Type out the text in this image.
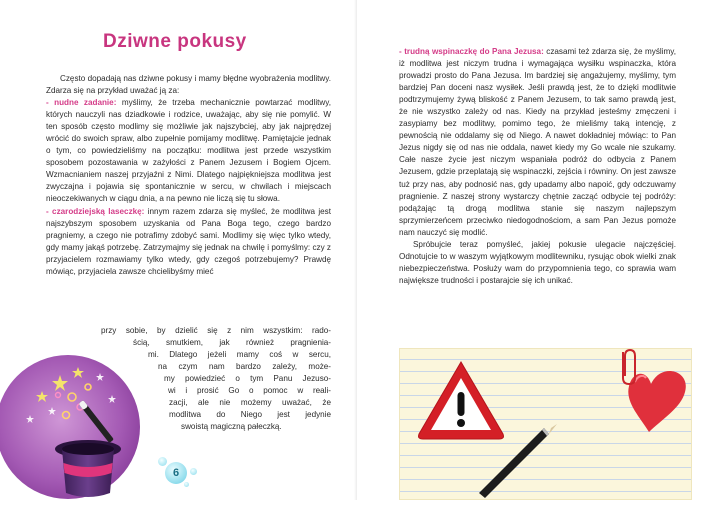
Dziwne pokusy

Często dopadają nas dziwne pokusy i mamy błędne wyobrażenia modlitwy. Zdarza się na przykład uważać ją za:

- nudne zadanie: myślimy, że trzeba mechanicznie powtarzać modlitwy, których nauczyli nas dziadkowie i rodzice, uważając, aby się nie pomylić. W ten sposób często modlimy się możliwie jak najszybciej, aby jak najprędzej wrócić do swoich spraw, albo zupełnie pomijamy modlitwę. Pamiętajcie jednak o tym, co powiedzieliśmy na początku: modlitwa jest przede wszystkim sposobem pozostawania w zażyłości z Panem Jezusem i Bogiem Ojcem. Wzmacnianiem naszej przyjaźni z Nimi. Dlatego najpiękniejsza modlitwa jest zwyczajna i pojawia się spontanicznie w sercu, w chwilach i miejscach nieoczekiwanych w ciągu dnia, a na pewno nie liczą się tu słowa.

- czarodziejską laseczkę: innym razem zdarza się myśleć, że modlitwa jest najszybszym sposobem uzyskania od Pana Boga tego, czego bardzo pragniemy, a czego nie potrafimy zdobyć sami. Modlimy się więc tylko wtedy, gdy mamy jakąś potrzebę. Zatrzymajmy się jednak na chwilę i pomyślmy: czy z przyjacielem rozmawiamy tylko wtedy, gdy czegoś potrzebujemy? Prawdę mówiąc, przyjaciela zawsze chcielibyśmy mieć

przy sobie, by dzielić się z nim wszystkim: rado-
ścią, smutkiem, jak również pragnienia-
mi. Dlatego jeżeli mamy coś w sercu,
na czym nam bardzo zależy, może-
my powiedzieć o tym Panu Jezuso-
wi i prosić Go o pomoc w reali-
zacji, ale nie możemy uważać, że
modlitwa do Niego jest jedynie
swoistą magiczną pałeczką.
6

- trudną wspinaczkę do Pana Jezusa: czasami też zdarza się, że myślimy, iż modlitwa jest niczym trudna i wymagająca wysiłku wspinaczka, która prowadzi prosto do Pana Jezusa. Im bardziej się angażujemy, myślimy, tym bardziej Pan doceni nasz wysiłek. Jeśli prawdą jest, że to dzięki modlitwie podtrzymujemy żywą bliskość z Panem Jezusem, to tak samo prawdą jest, że nie wszystko zależy od nas. Kiedy na przykład jesteśmy zmęczeni i zasypiamy bez modlitwy, pomimo tego, że mieliśmy taką intencję, z pewnością nie oddalamy się od Niego. A nawet dokładniej mówiąc: to Pan Jezus nigdy się od nas nie oddala, nawet kiedy my Go wcale nie szukamy. Całe nasze życie jest niczym wspaniała podróż do odbycia z Panem Jezusem, gdzie przeplatają się wspinaczki, zejścia i równiny. On jest zawsze tuż przy nas, aby podnosić nas, gdy upadamy albo napoić, gdy odczuwamy pragnienie. Z naszej strony wystarczy chętnie zacząć odbycie tej podróży: podążając tą drogą modlitwa stanie się naszym najlepszym sprzymierzeńcem przeciwko niedogodnościom, a sam Pan Jezus pomoże nam nauczyć się modlić.

Spróbujcie teraz pomyśleć, jakiej pokusie ulegacie najczęściej. Odnotujcie to w waszym wyjątkowym modlitewniku, rysując obok wielki znak niebezpieczeństwa. Posłuży wam do przypomnienia tego, co sprawia wam największe trudności i postarajcie się ich unikać.
